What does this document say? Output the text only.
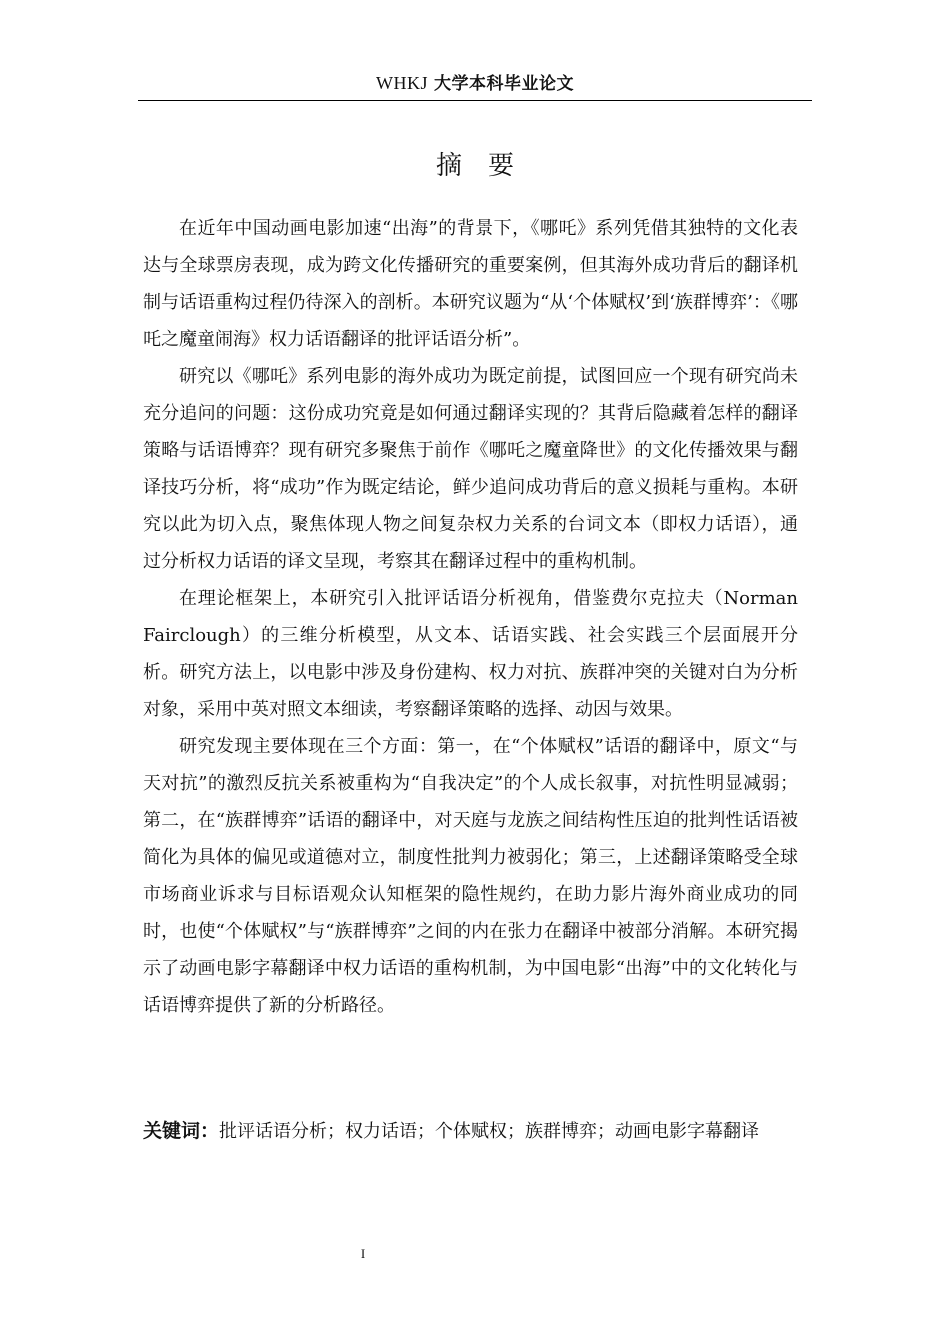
WHKJ 大学本科毕业论文
摘　要

在近年中国动画电影加速“出海”的背景下，《哪吒》系列凭借其独特的文化表达与全球票房表现，成为跨文化传播研究的重要案例，但其海外成功背后的翻译机制与话语重构过程仍待深入的剖析。本研究议题为“从‘个体赋权’到‘族群博弈’：《哪吒之魔童闹海》权力话语翻译的批评话语分析”。

研究以《哪吒》系列电影的海外成功为既定前提，试图回应一个现有研究尚未充分追问的问题：这份成功究竟是如何通过翻译实现的？其背后隐藏着怎样的翻译策略与话语博弈？现有研究多聚焦于前作《哪吒之魔童降世》的文化传播效果与翻译技巧分析，将“成功”作为既定结论，鲜少追问成功背后的意义损耗与重构。本研究以此为切入点，聚焦体现人物之间复杂权力关系的台词文本（即权力话语），通过分析权力话语的译文呈现，考察其在翻译过程中的重构机制。

在理论框架上，本研究引入批评话语分析视角，借鉴费尔克拉夫（Norman Fairclough）的三维分析模型，从文本、话语实践、社会实践三个层面展开分析。研究方法上，以电影中涉及身份建构、权力对抗、族群冲突的关键对白为分析对象，采用中英对照文本细读，考察翻译策略的选择、动因与效果。

研究发现主要体现在三个方面：第一，在“个体赋权”话语的翻译中，原文“与天对抗”的激烈反抗关系被重构为“自我决定”的个人成长叙事，对抗性明显减弱；第二，在“族群博弈”话语的翻译中，对天庭与龙族之间结构性压迫的批判性话语被简化为具体的偏见或道德对立，制度性批判力被弱化；第三，上述翻译策略受全球市场商业诉求与目标语观众认知框架的隐性规约，在助力影片海外商业成功的同时，也使“个体赋权”与“族群博弈”之间的内在张力在翻译中被部分消解。本研究揭示了动画电影字幕翻译中权力话语的重构机制，为中国电影“出海”中的文化转化与话语博弈提供了新的分析路径。

关键词：批评话语分析；权力话语；个体赋权；族群博弈；动画电影字幕翻译
I
